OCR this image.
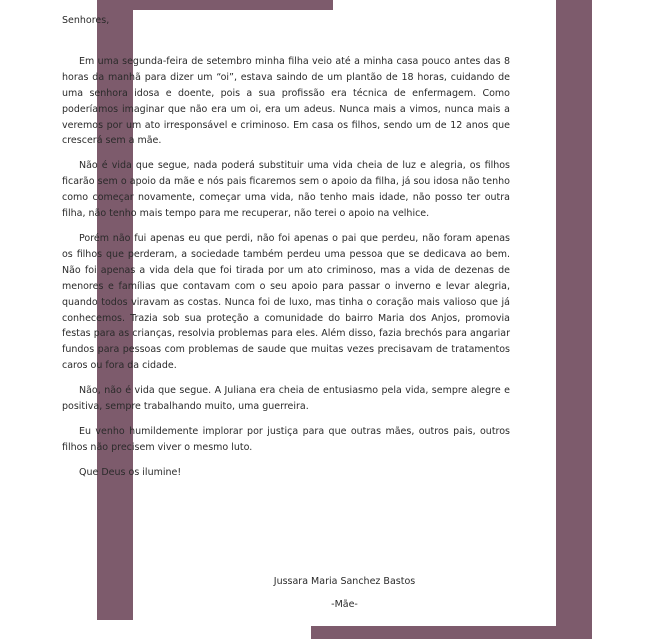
Senhores,

Em uma segunda-feira de setembro minha filha veio até a minha casa pouco antes das 8 horas da manhã para dizer um “oi”, estava saindo de um plantão de 18 horas, cuidando de uma senhora idosa e doente, pois a sua profissão era técnica de enfermagem. Como poderíamos imaginar que não era um oi, era um adeus. Nunca mais a vimos, nunca mais a veremos por um ato irresponsável e criminoso. Em casa os filhos, sendo um de 12 anos que crescerá sem a mãe.

Não é vida que segue, nada poderá substituir uma vida cheia de luz e alegria, os filhos ficarão sem o apoio da mãe e nós pais ficaremos sem o apoio da filha, já sou idosa não tenho como começar novamente, começar uma vida, não tenho mais idade, não posso ter outra filha, não tenho mais tempo para me recuperar, não terei o apoio na velhice.

Porém não fui apenas eu que perdi, não foi apenas o pai que perdeu, não foram apenas os filhos que perderam, a sociedade também perdeu uma pessoa que se dedicava ao bem. Não foi apenas a vida dela que foi tirada por um ato criminoso, mas a vida de dezenas de menores e famílias que contavam com o seu apoio para passar o inverno e levar alegria, quando todos viravam as costas. Nunca foi de luxo, mas tinha o coração mais valioso que já conhecemos. Trazia sob sua proteção a comunidade do bairro Maria dos Anjos, promovia festas para as crianças, resolvia problemas para eles. Além disso, fazia brechós para angariar fundos para pessoas com problemas de saude que muitas vezes precisavam de tratamentos caros ou fora da cidade.

Não, não é vida que segue. A Juliana era cheia de entusiasmo pela vida, sempre alegre e positiva, sempre trabalhando muito, uma guerreira.

Eu venho humildemente implorar por justiça para que outras mães, outros pais, outros filhos não precisem viver o mesmo luto.

Que Deus os ilumine!

Jussara Maria Sanchez Bastos
-Mãe-
